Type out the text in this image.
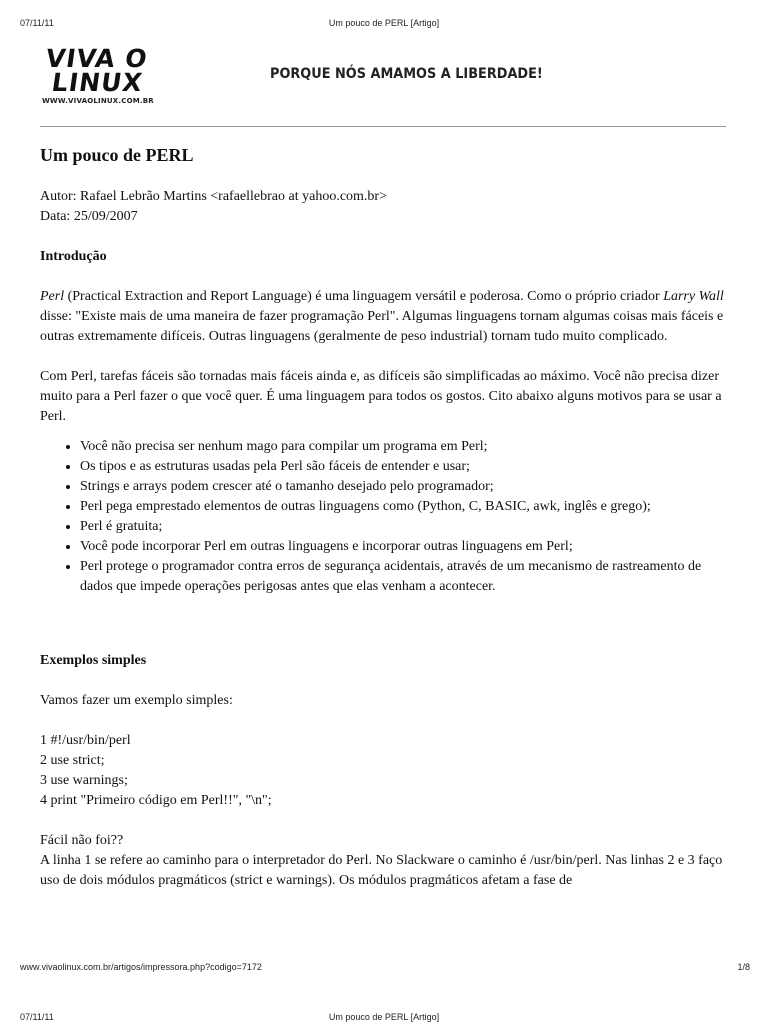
07/11/11	Um pouco de PERL [Artigo]
VIVA O
LINUX
WWW.VIVAOLINUX.COM.BR
PORQUE NÓS AMAMOS A LIBERDADE!
Um pouco de PERL

Autor: Rafael Lebrão Martins <rafaellebrao at yahoo.com.br>

Data: 25/09/2007

Introdução

Perl (Practical Extraction and Report Language) é uma linguagem versátil e poderosa. Como o próprio criador Larry Wall disse: "Existe mais de uma maneira de fazer programação Perl". Algumas linguagens tornam algumas coisas mais fáceis e outras extremamente difíceis. Outras linguagens (geralmente de peso industrial) tornam tudo muito complicado.

Com Perl, tarefas fáceis são tornadas mais fáceis ainda e, as difíceis são simplificadas ao máximo. Você não precisa dizer muito para a Perl fazer o que você quer. É uma linguagem para todos os gostos. Cito abaixo alguns motivos para se usar a Perl.

• Você não precisa ser nenhum mago para compilar um programa em Perl;
• Os tipos e as estruturas usadas pela Perl são fáceis de entender e usar;
• Strings e arrays podem crescer até o tamanho desejado pelo programador;
• Perl pega emprestado elementos de outras linguagens como (Python, C, BASIC, awk, inglês e grego);
• Perl é gratuita;
• Você pode incorporar Perl em outras linguagens e incorporar outras linguagens em Perl;
• Perl protege o programador contra erros de segurança acidentais, através de um mecanismo de rastreamento de dados que impede operações perigosas antes que elas venham a acontecer.
Exemplos simples

Vamos fazer um exemplo simples:

1 #!/usr/bin/perl

2 use strict;

3 use warnings;

4 print "Primeiro código em Perl!!", "\n";

Fácil não foi??

A linha 1 se refere ao caminho para o interpretador do Perl. No Slackware o caminho é /usr/bin/perl. Nas linhas 2 e 3 faço uso de dois módulos pragmáticos (strict e warnings). Os módulos pragmáticos afetam a fase de

www.vivaolinux.com.br/artigos/impressora.php?codigo=7172	1/8
07/11/11	Um pouco de PERL [Artigo]
